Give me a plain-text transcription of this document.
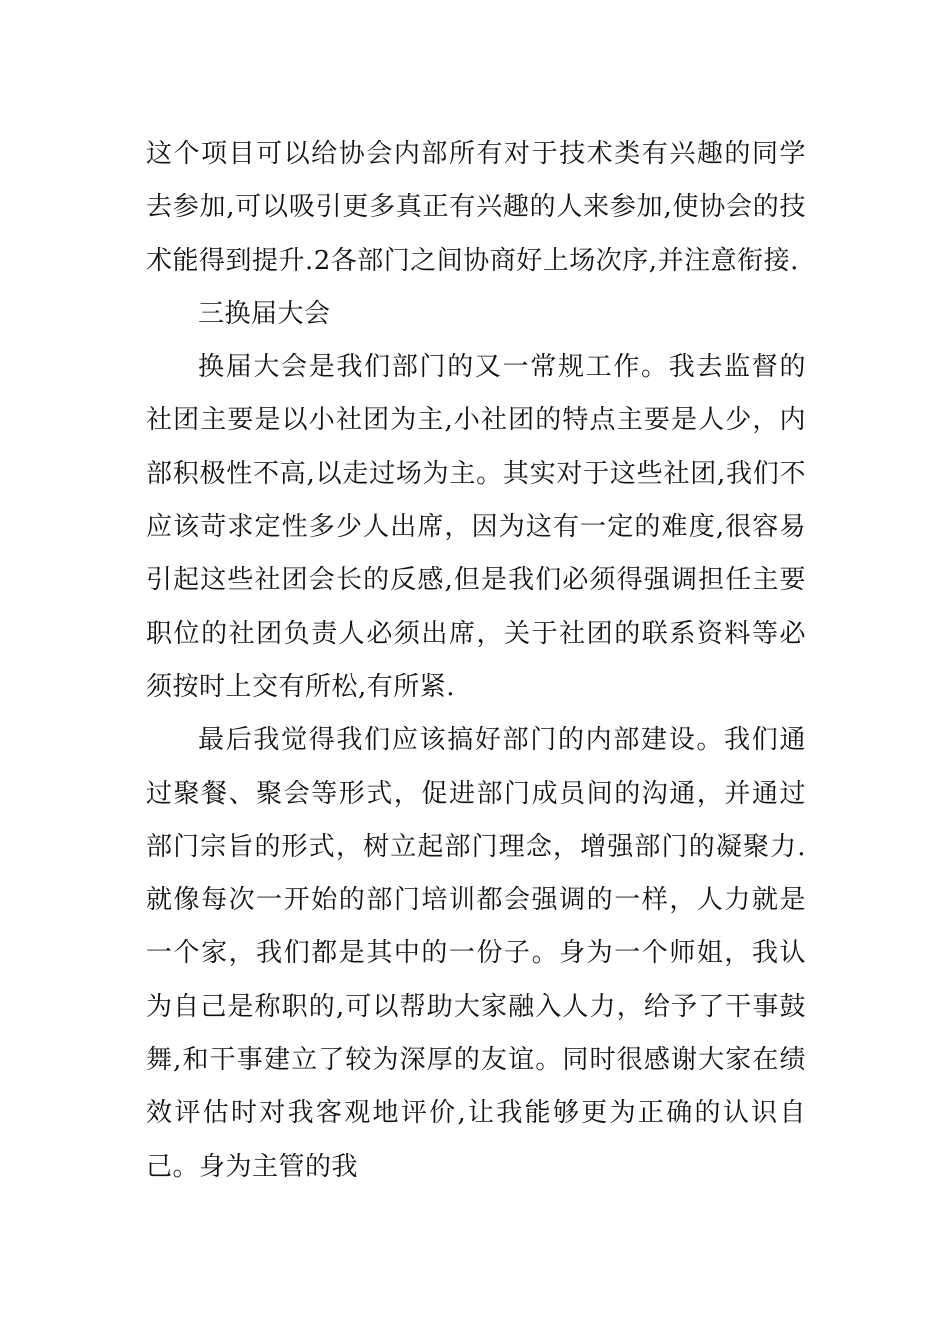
这个项目可以给协会内部所有对于技术类有兴趣的同学去参加,可以吸引更多真正有兴趣的人来参加,使协会的技术能得到提升.2各部门之间协商好上场次序,并注意衔接.

三换届大会

换届大会是我们部门的又一常规工作。我去监督的社团主要是以小社团为主,小社团的特点主要是人少，内部积极性不高,以走过场为主。其实对于这些社团,我们不应该苛求定性多少人出席，因为这有一定的难度,很容易引起这些社团会长的反感,但是我们必须得强调担任主要职位的社团负责人必须出席，关于社团的联系资料等必须按时上交有所松,有所紧.

最后我觉得我们应该搞好部门的内部建设。我们通过聚餐、聚会等形式，促进部门成员间的沟通，并通过部门宗旨的形式，树立起部门理念，增强部门的凝聚力.就像每次一开始的部门培训都会强调的一样，人力就是一个家，我们都是其中的一份子。身为一个师姐，我认为自己是称职的,可以帮助大家融入人力，给予了干事鼓舞,和干事建立了较为深厚的友谊。同时很感谢大家在绩效评估时对我客观地评价,让我能够更为正确的认识自己。身为主管的我
